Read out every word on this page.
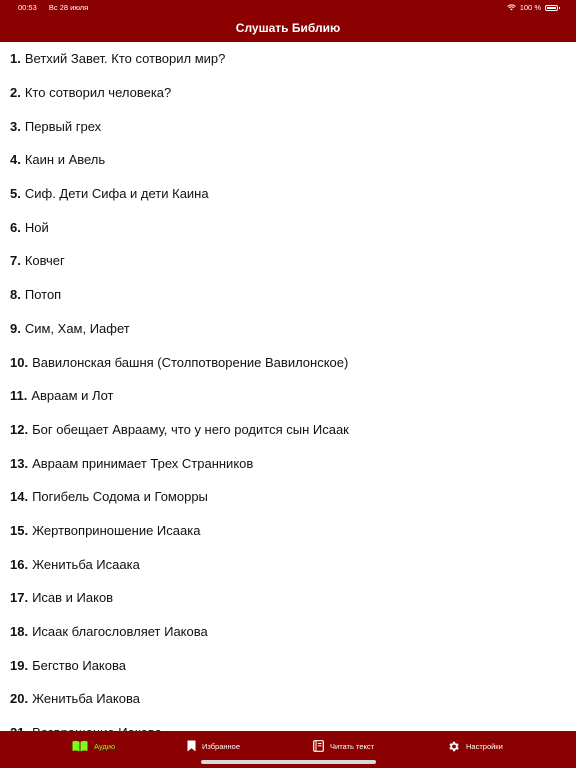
00:53 Вс 28 июля	100 %
Слушать Библию
1. Ветхий Завет. Кто сотворил мир?
2. Кто сотворил человека?
3. Первый грех
4. Каин и Авель
5. Сиф. Дети Сифа и дети Каина
6. Ной
7. Ковчег
8. Потоп
9. Сим, Хам, Иафет
10. Вавилонская башня (Столпотворение Вавилонское)
11. Авраам и Лот
12. Бог обещает Аврааму, что у него родится сын Исаак
13. Авраам принимает Трех Странников
14. Погибель Содома и Гоморры
15. Жертвоприношение Исаака
16. Женитьба Исаака
17. Исав и Иаков
18. Исаак благословляет Иакова
19. Бегство Иакова
20. Женитьба Иакова
Аудио	Избранное	Читать текст	Настройки
